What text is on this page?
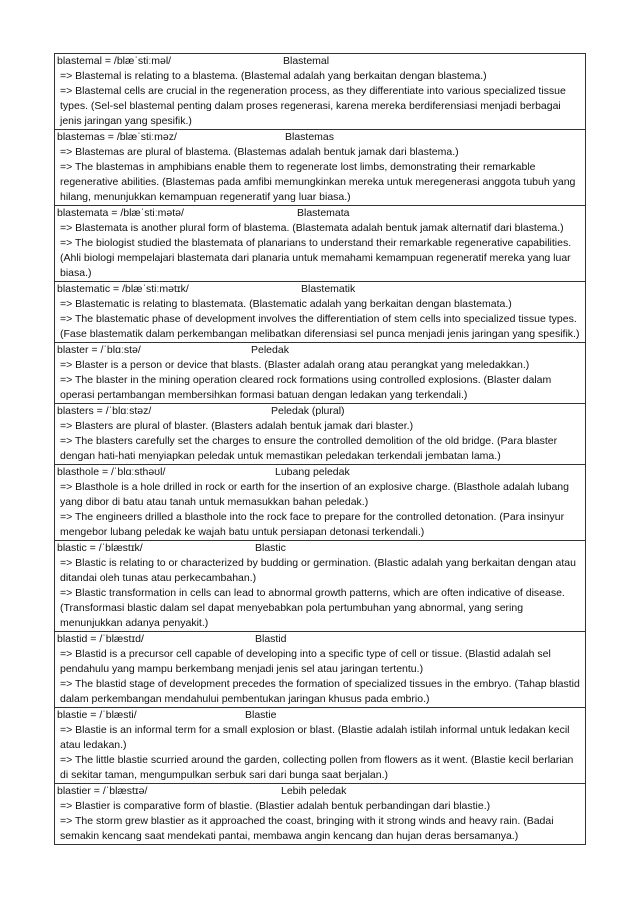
blastemal = /blæˈstiːməl/	Blastemal
=> Blastemal is relating to a blastema. (Blastemal adalah yang berkaitan dengan blastema.)
=> Blastemal cells are crucial in the regeneration process, as they differentiate into various specialized tissue types. (Sel-sel blastemal penting dalam proses regenerasi, karena mereka berdiferensiasi menjadi berbagai jenis jaringan yang spesifik.)
blastemas = /blæˈstiːməz/	Blastemas
=> Blastemas are plural of blastema. (Blastemas adalah bentuk jamak dari blastema.)
=> The blastemas in amphibians enable them to regenerate lost limbs, demonstrating their remarkable regenerative abilities. (Blastemas pada amfibi memungkinkan mereka untuk meregenerasi anggota tubuh yang hilang, menunjukkan kemampuan regeneratif yang luar biasa.)
blastemata = /blæˈstiːmətə/	Blastemata
=> Blastemata is another plural form of blastema. (Blastemata adalah bentuk jamak alternatif dari blastema.)
=> The biologist studied the blastemata of planarians to understand their remarkable regenerative capabilities. (Ahli biologi mempelajari blastemata dari planaria untuk memahami kemampuan regeneratif mereka yang luar biasa.)
blastematic = /blæˈstiːmətɪk/	Blastematik
=> Blastematic is relating to blastemata. (Blastematic adalah yang berkaitan dengan blastemata.)
=> The blastematic phase of development involves the differentiation of stem cells into specialized tissue types. (Fase blastematik dalam perkembangan melibatkan diferensiasi sel punca menjadi jenis jaringan yang spesifik.)
blaster = /ˈblɑːstə/	Peledak
=> Blaster is a person or device that blasts. (Blaster adalah orang atau perangkat yang meledakkan.)
=> The blaster in the mining operation cleared rock formations using controlled explosions. (Blaster dalam operasi pertambangan membersihkan formasi batuan dengan ledakan yang terkendali.)
blasters = /ˈblɑːstəz/	Peledak (plural)
=> Blasters are plural of blaster. (Blasters adalah bentuk jamak dari blaster.)
=> The blasters carefully set the charges to ensure the controlled demolition of the old bridge. (Para blaster dengan hati-hati menyiapkan peledak untuk memastikan peledakan terkendali jembatan lama.)
blasthole = /ˈblɑːsthəʊl/	Lubang peledak
=> Blasthole is a hole drilled in rock or earth for the insertion of an explosive charge. (Blasthole adalah lubang yang dibor di batu atau tanah untuk memasukkan bahan peledak.)
=> The engineers drilled a blasthole into the rock face to prepare for the controlled detonation. (Para insinyur mengebor lubang peledak ke wajah batu untuk persiapan detonasi terkendali.)
blastic = /ˈblæstɪk/	Blastic
=> Blastic is relating to or characterized by budding or germination. (Blastic adalah yang berkaitan dengan atau ditandai oleh tunas atau perkecambahan.)
=> Blastic transformation in cells can lead to abnormal growth patterns, which are often indicative of disease. (Transformasi blastic dalam sel dapat menyebabkan pola pertumbuhan yang abnormal, yang sering menunjukkan adanya penyakit.)
blastid = /ˈblæstɪd/	Blastid
=> Blastid is a precursor cell capable of developing into a specific type of cell or tissue. (Blastid adalah sel pendahulu yang mampu berkembang menjadi jenis sel atau jaringan tertentu.)
=> The blastid stage of development precedes the formation of specialized tissues in the embryo. (Tahap blastid dalam perkembangan mendahului pembentukan jaringan khusus pada embrio.)
blastie = /ˈblæsti/	Blastie
=> Blastie is an informal term for a small explosion or blast. (Blastie adalah istilah informal untuk ledakan kecil atau ledakan.)
=> The little blastie scurried around the garden, collecting pollen from flowers as it went. (Blastie kecil berlarian di sekitar taman, mengumpulkan serbuk sari dari bunga saat berjalan.)
blastier = /ˈblæstɪə/	Lebih peledak
=> Blastier is comparative form of blastie. (Blastier adalah bentuk perbandingan dari blastie.)
=> The storm grew blastier as it approached the coast, bringing with it strong winds and heavy rain. (Badai semakin kencang saat mendekati pantai, membawa angin kencang dan hujan deras bersamanya.)
